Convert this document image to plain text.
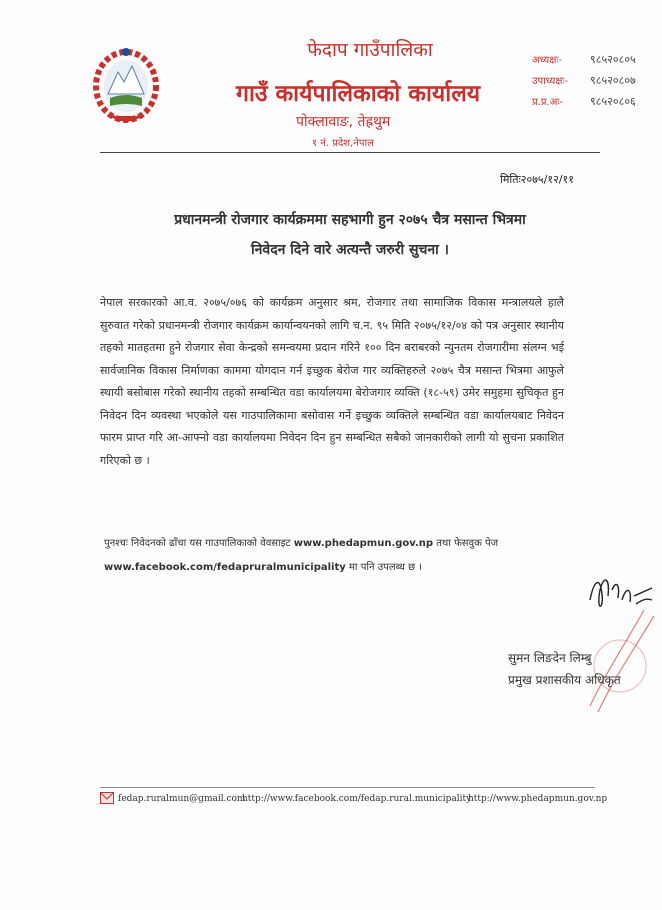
फेदाप गाउँपालिका
गाउँ कार्यपालिकाको कार्यालय
पोक्लावाङ, तेह्रथुम
१ नं. प्रदेश,नेपाल
अध्यक्षः-	९८५२०८०५
उपाध्यक्षः- ९८५२०८०७
प्र.प्र.अः- ९८५२०८०६
मितिः२०७५/१२/११
प्रधानमन्त्री रोजगार कार्यक्रममा सहभागी हुन २०७५ चैत्र मसान्त भित्रमा
निवेदन दिने वारे अत्यन्तै जरुरी सुचना ।
नेपाल सरकारको आ.व. २०७५/०७६ को कार्यक्रम अनुसार श्रम, रोजगार तथा सामाजिक विकास मन्त्रालयले हालै सुरुवात गरेको प्रधानमन्त्री रोजगार कार्यक्रम कार्यान्वयनको लागि च.न. ९५ मिति २०७५/१२/०४ को पत्र अनुसार स्थानीय तहको मातहतमा हुने रोजगार सेवा केन्द्रको समन्वयमा प्रदान गरिने १०० दिन बराबरको न्युनतम रोजगारीमा संलग्न भई सार्वजानिक विकास निर्माणका काममा योगदान गर्न इच्छुक बेरोज गार व्यक्तिहरुले २०७५ चैत्र मसान्त भित्रमा आफुले स्थायी बसोबास गरेको स्थानीय तहको सम्बन्धित वडा कार्यालयमा बेरोजगार व्यक्ति (१८-५९) उमेर समुहमा सुचिकृत हुन निवेदन दिन व्यवस्था भएकोले यस गाउपालिकामा बसोवास गर्ने इच्छुक व्यक्तिले सम्बन्धित वडा कार्यालयबाट निवेदन फारम प्राप्त गरि आ-आफ्नो वडा कार्यालयमा निवेदन दिन हुन सम्बन्धित सबैको जानकारीको लागी यो सुचना प्रकाशित गरिएको छ ।
पुनश्चः निवेदनको ढाँचा यस गाउपालिकाको वेवसाइट www.phedapmun.gov.np तथा फेसवुक पेज
www.facebook.com/fedapruralmunicipality मा पनि उपलब्ध छ ।
सुमन लिङदेन लिम्बु
प्रमुख प्रशासकीय अधिकृत
fedap.ruralmun@gmail.com
http://www.facebook.com/fedap.rural.municipality
http://www.phedapmun.gov.np
